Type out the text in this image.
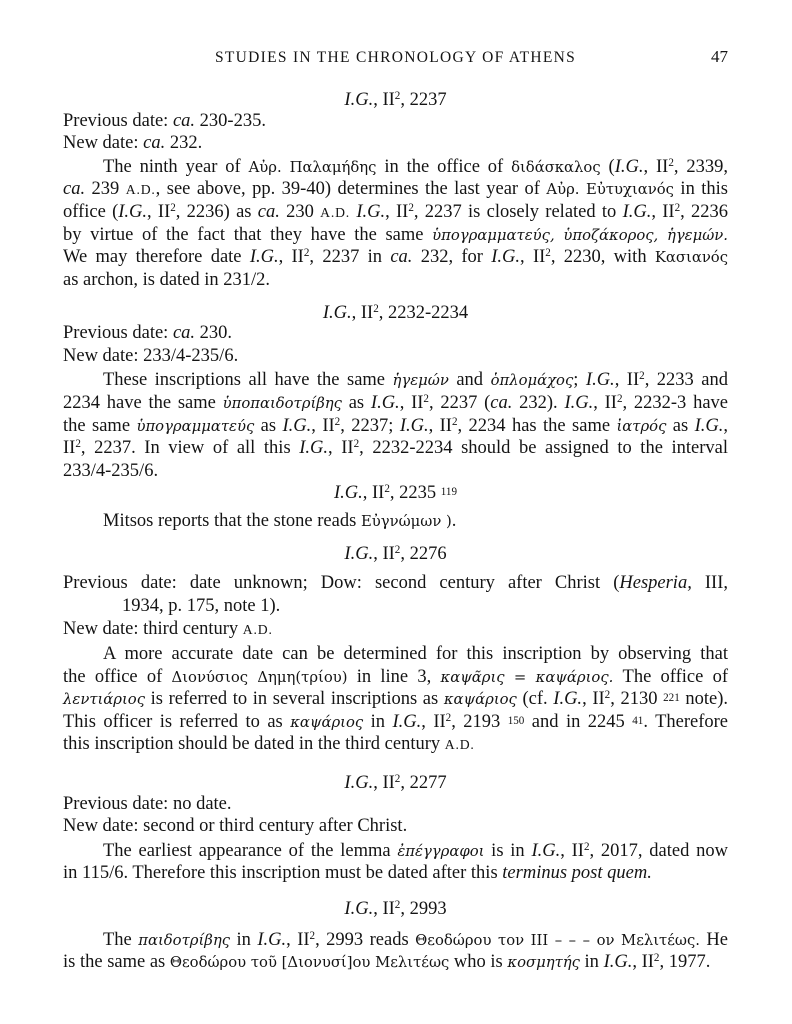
STUDIES IN THE CHRONOLOGY OF ATHENS	47
I.G., $II^2$, 2237
Previous date: ca. 230-235.
New date: ca. 232.
The ninth year of Αὐρ. Παλαμήδης in the office of διδάσκαλος (I.G., $II^2$, 2339,
ca. 239 A.D., see above, pp. 39-40) determines the last year of Αὐρ. Εὐτυχιανός in this
office (I.G., $II^2$, 2236) as ca. 230 A.D. I.G., $II^2$, 2237 is closely related to I.G., $II^2$, 2236
by virtue of the fact that they have the same ὑπογραμματεύς, ὑποζάκορος, ἡγεμών.
We may therefore date I.G., $II^2$, 2237 in ca. 232, for I.G., $II^2$, 2230, with Κασιανός
as archon, is dated in 231/2.
I.G., $II^2$, 2232-2234
Previous date: ca. 230.
New date: 233/4-235/6.
These inscriptions all have the same ἡγεμών and ὁπλομάχος; I.G., $II^2$, 2233 and
2234 have the same ὑποπαιδοτρίβης as I.G., $II^2$, 2237 (ca. 232). I.G., $II^2$, 2232-3 have
the same ὑπογραμματεύς as I.G., $II^2$, 2237; I.G., $II^2$, 2234 has the same ἰατρός as I.G.,
$II^2$, 2237. In view of all this I.G., $II^2$, 2232-2234 should be assigned to the interval
233/4-235/6.
I.G., $II^2$, 2235 119
Mitsos reports that the stone reads Εὐγνώμων ).
I.G., $II^2$, 2276
Previous date: date unknown; Dow: second century after Christ (Hesperia, III,
1934, p. 175, note 1).
New date: third century A.D.
A more accurate date can be determined for this inscription by observing that
the office of Διονύσιος Δημη(τρίου) in line 3, καψᾶρις = καψάριος. The office of
λεντιάριος is referred to in several inscriptions as καψάριος (cf. I.G., $II^2$, 2130 221 note).
This officer is referred to as καψάριος in I.G., $II^2$, 2193 150 and in 2245 41. Therefore
this inscription should be dated in the third century A.D.
I.G., $II^2$, 2277
Previous date: no date.
New date: second or third century after Christ.
The earliest appearance of the lemma ἐπέγγραφοι is in I.G., $II^2$, 2017, dated now
in 115/6. Therefore this inscription must be dated after this terminus post quem.
I.G., $II^2$, 2993
The παιδοτρίβης in I.G., $II^2$, 2993 reads Θεοδώρου τον ΙΙΙ – – – ον Μελιτέως. He
is the same as Θεοδώρου τοῦ [Διονυσί]ου Μελιτέως who is κοσμητής in I.G., $II^2$, 1977.
